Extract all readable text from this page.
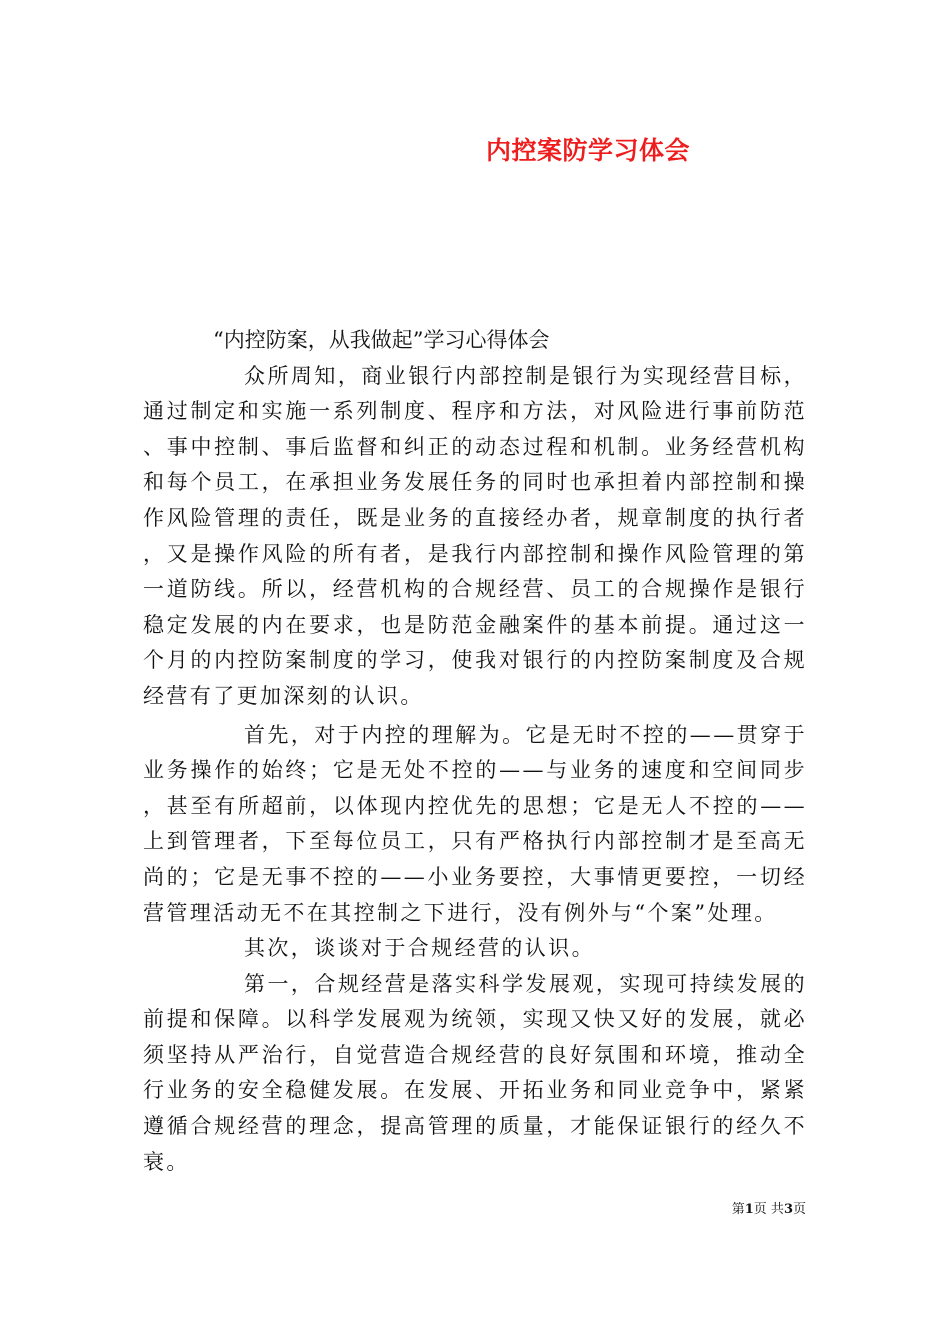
内控案防学习体会

“内控防案，从我做起”学习心得体会

众所周知，商业银行内部控制是银行为实现经营目标，通过制定和实施一系列制度、程序和方法，对风险进行事前防范、事中控制、事后监督和纠正的动态过程和机制。业务经营机构和每个员工，在承担业务发展任务的同时也承担着内部控制和操作风险管理的责任，既是业务的直接经办者，规章制度的执行者，又是操作风险的所有者，是我行内部控制和操作风险管理的第一道防线。所以，经营机构的合规经营、员工的合规操作是银行稳定发展的内在要求，也是防范金融案件的基本前提。通过这一个月的内控防案制度的学习，使我对银行的内控防案制度及合规经营有了更加深刻的认识。

首先，对于内控的理解为。它是无时不控的——贯穿于业务操作的始终；它是无处不控的——与业务的速度和空间同步，甚至有所超前，以体现内控优先的思想；它是无人不控的——上到管理者，下至每位员工，只有严格执行内部控制才是至高无尚的；它是无事不控的——小业务要控，大事情更要控，一切经营管理活动无不在其控制之下进行，没有例外与“个案”处理。

其次，谈谈对于合规经营的认识。

第一，合规经营是落实科学发展观，实现可持续发展的前提和保障。以科学发展观为统领，实现又快又好的发展，就必须坚持从严治行，自觉营造合规经营的良好氛围和环境，推动全行业务的安全稳健发展。在发展、开拓业务和同业竞争中，紧紧遵循合规经营的理念，提高管理的质量，才能保证银行的经久不衰。

第1页 共3页
